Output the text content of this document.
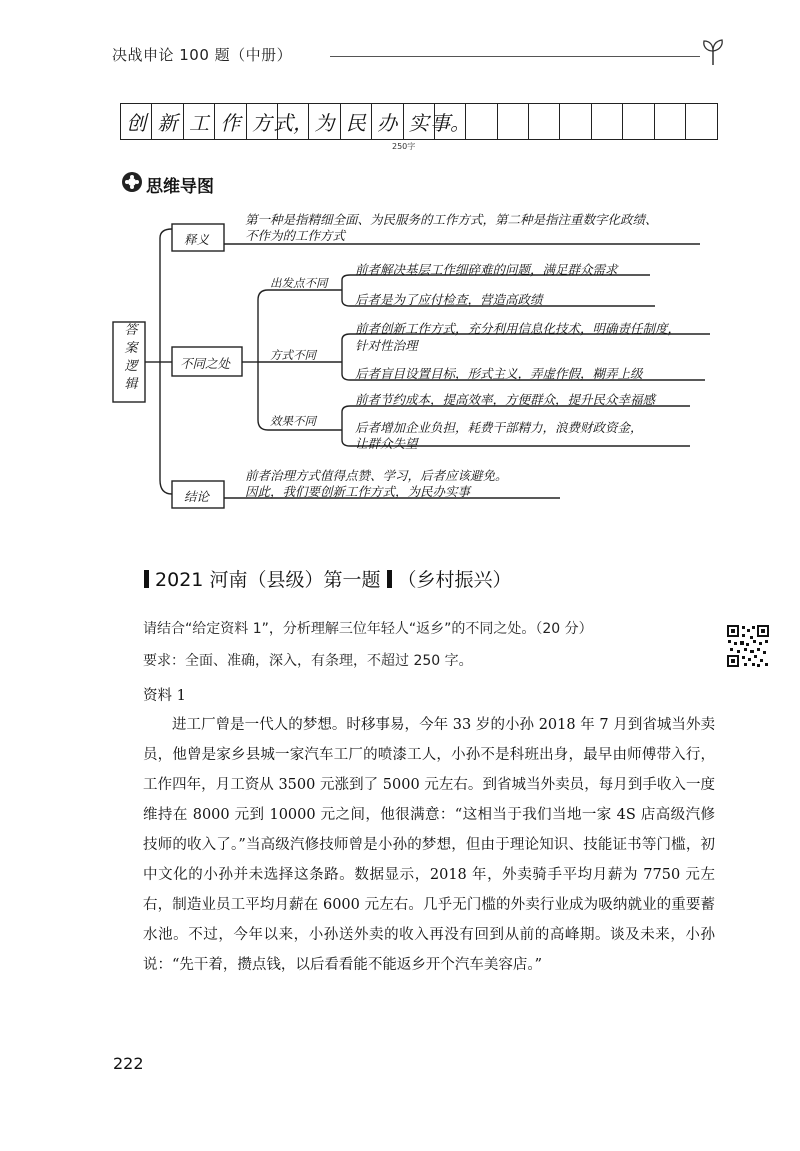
决战申论 100 题（中册）
创 新 工 作 方 式， 为 民 办 实 事。
250字
思维导图
答案逻辑
释义
第一种是指精细全面、为民服务的工作方式，第二种是指注重数字化政绩、
不作为的工作方式
不同之处
出发点不同
前者解决基层工作细碎难的问题，满足群众需求
后者是为了应付检查，营造高政绩
方式不同
前者创新工作方式，充分利用信息化技术，明确责任制度，
针对性治理
后者盲目设置目标，形式主义，弄虚作假，糊弄上级
效果不同
前者节约成本，提高效率，方便群众，提升民众幸福感
后者增加企业负担，耗费干部精力，浪费财政资金，
让群众失望
结论
前者治理方式值得点赞、学习，后者应该避免。
因此，我们要创新工作方式，为民办实事
2021 河南（县级）第一题 （乡村振兴）
请结合“给定资料 1”，分析理解三位年轻人“返乡”的不同之处。（20 分）
要求：全面、准确，深入，有条理，不超过 250 字。
资料 1
进工厂曾是一代人的梦想。时移事易，今年 33 岁的小孙 2018 年 7 月到省城当外卖员，他曾是家乡县城一家汽车工厂的喷漆工人，小孙不是科班出身，最早由师傅带入行，工作四年，月工资从 3500 元涨到了 5000 元左右。到省城当外卖员，每月到手收入一度维持在 8000 元到 10000 元之间，他很满意：“这相当于我们当地一家 4S 店高级汽修技师的收入了。”当高级汽修技师曾是小孙的梦想，但由于理论知识、技能证书等门槛，初中文化的小孙并未选择这条路。数据显示，2018 年，外卖骑手平均月薪为 7750 元左右，制造业员工平均月薪在 6000 元左右。几乎无门槛的外卖行业成为吸纳就业的重要蓄水池。不过，今年以来，小孙送外卖的收入再没有回到从前的高峰期。谈及未来，小孙说：“先干着，攒点钱，以后看看能不能返乡开个汽车美容店。”
222
